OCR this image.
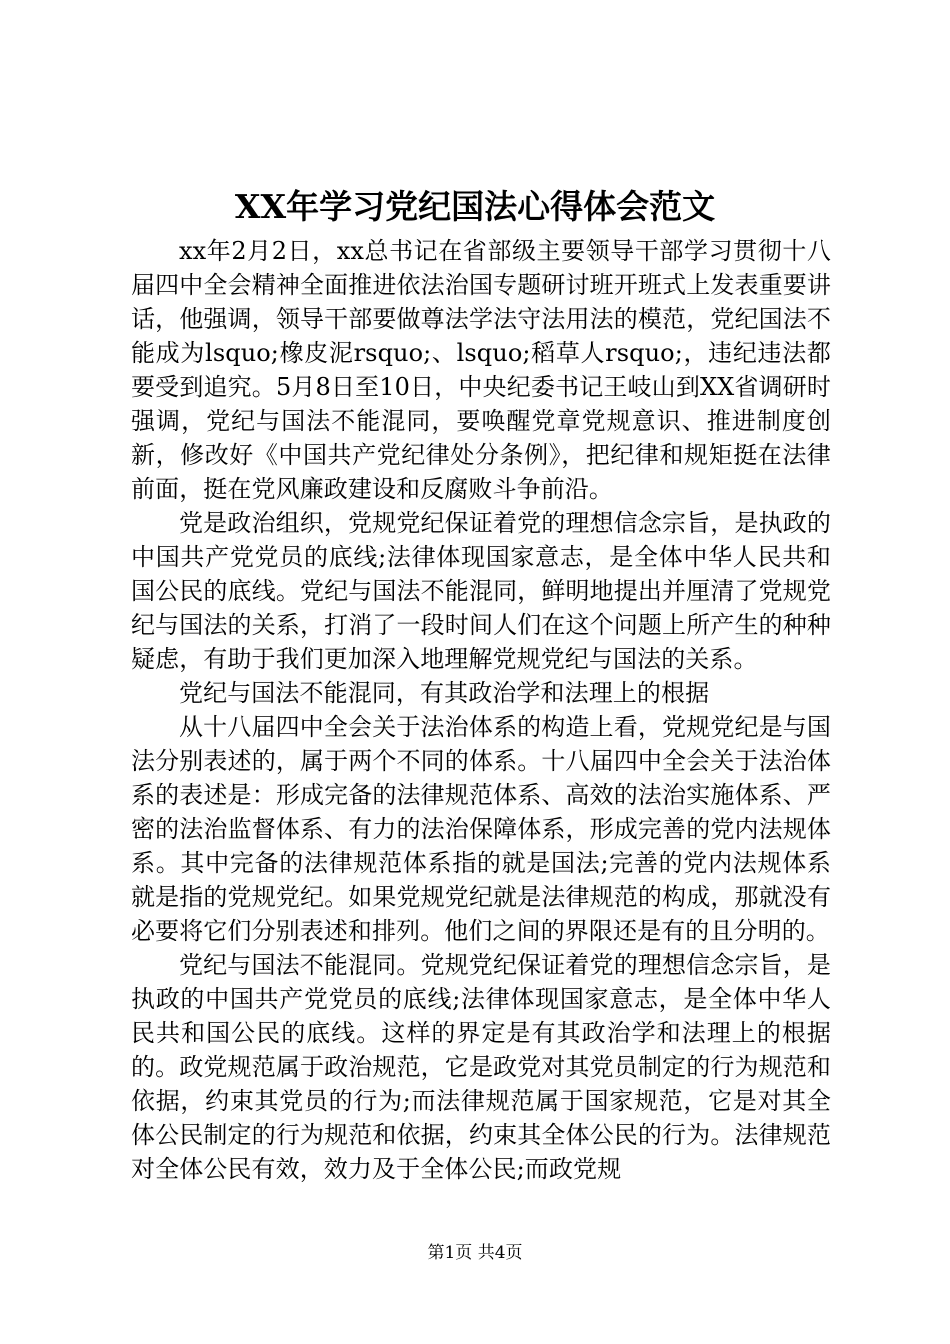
XX年学习党纪国法心得体会范文

xx年2月2日，xx总书记在省部级主要领导干部学习贯彻十八届四中全会精神全面推进依法治国专题研讨班开班式上发表重要讲话，他强调，领导干部要做尊法学法守法用法的模范，党纪国法不能成为lsquo;橡皮泥rsquo;、lsquo;稻草人rsquo;，违纪违法都要受到追究。5月8日至10日，中央纪委书记王岐山到XX省调研时强调，党纪与国法不能混同，要唤醒党章党规意识、推进制度创新，修改好《中国共产党纪律处分条例》，把纪律和规矩挺在法律前面，挺在党风廉政建设和反腐败斗争前沿。

党是政治组织，党规党纪保证着党的理想信念宗旨，是执政的中国共产党党员的底线;法律体现国家意志，是全体中华人民共和国公民的底线。党纪与国法不能混同，鲜明地提出并厘清了党规党纪与国法的关系，打消了一段时间人们在这个问题上所产生的种种疑虑，有助于我们更加深入地理解党规党纪与国法的关系。

党纪与国法不能混同，有其政治学和法理上的根据

从十八届四中全会关于法治体系的构造上看，党规党纪是与国法分别表述的，属于两个不同的体系。十八届四中全会关于法治体系的表述是：形成完备的法律规范体系、高效的法治实施体系、严密的法治监督体系、有力的法治保障体系，形成完善的党内法规体系。其中完备的法律规范体系指的就是国法;完善的党内法规体系就是指的党规党纪。如果党规党纪就是法律规范的构成，那就没有必要将它们分别表述和排列。他们之间的界限还是有的且分明的。

党纪与国法不能混同。党规党纪保证着党的理想信念宗旨，是执政的中国共产党党员的底线;法律体现国家意志，是全体中华人民共和国公民的底线。这样的界定是有其政治学和法理上的根据的。政党规范属于政治规范，它是政党对其党员制定的行为规范和依据，约束其党员的行为;而法律规范属于国家规范，它是对其全体公民制定的行为规范和依据，约束其全体公民的行为。法律规范对全体公民有效，效力及于全体公民;而政党规

第1页 共4页
